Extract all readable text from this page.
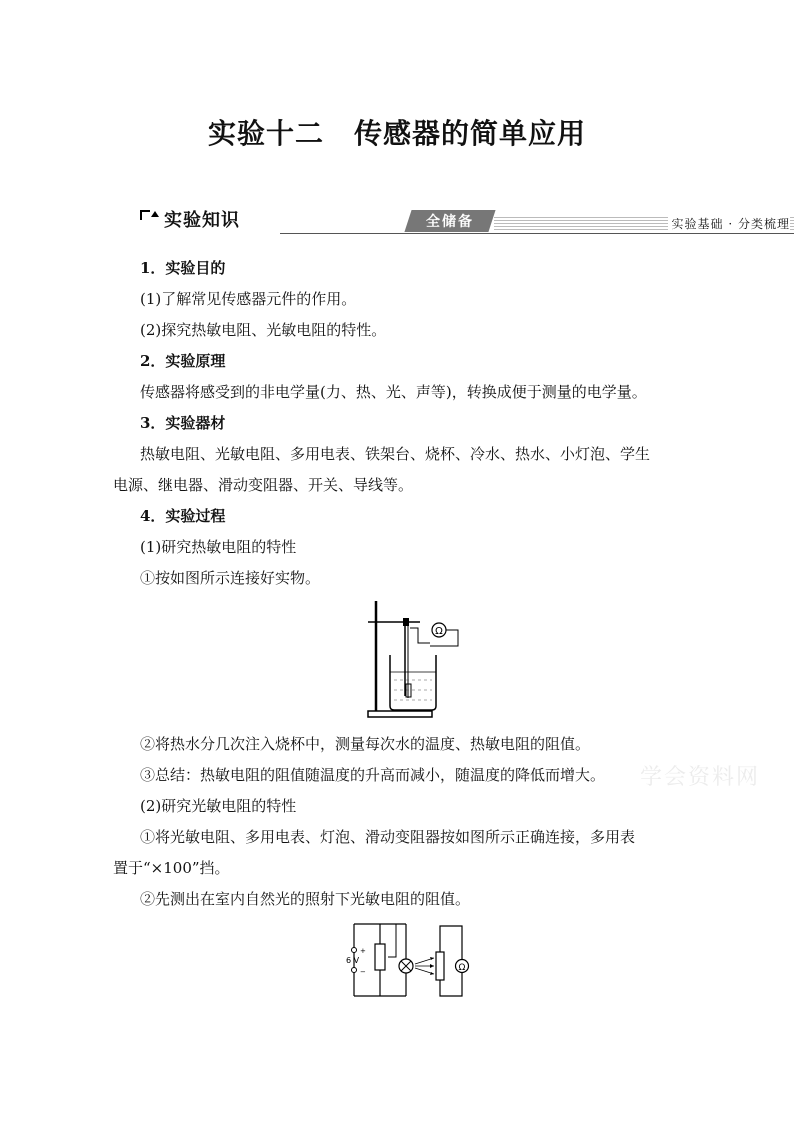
实验十二 传感器的简单应用
实验知识	全储备	实验基础 · 分类梳理
1．实验目的
(1)了解常见传感器元件的作用。
(2)探究热敏电阻、光敏电阻的特性。
2．实验原理
传感器将感受到的非电学量(力、热、光、声等)，转换成便于测量的电学量。
3．实验器材
热敏电阻、光敏电阻、多用电表、铁架台、烧杯、冷水、热水、小灯泡、学生
电源、继电器、滑动变阻器、开关、导线等。
4．实验过程
(1)研究热敏电阻的特性
①按如图所示连接好实物。
Ω
②将热水分几次注入烧杯中，测量每次水的温度、热敏电阻的阻值。
③总结：热敏电阻的阻值随温度的升高而减小，随温度的降低而增大。
(2)研究光敏电阻的特性
①将光敏电阻、多用电表、灯泡、滑动变阻器按如图所示正确连接，多用表
置于“×100”挡。
②先测出在室内自然光的照射下光敏电阻的阻值。
+
−
6 V
Ω
学会资料网
